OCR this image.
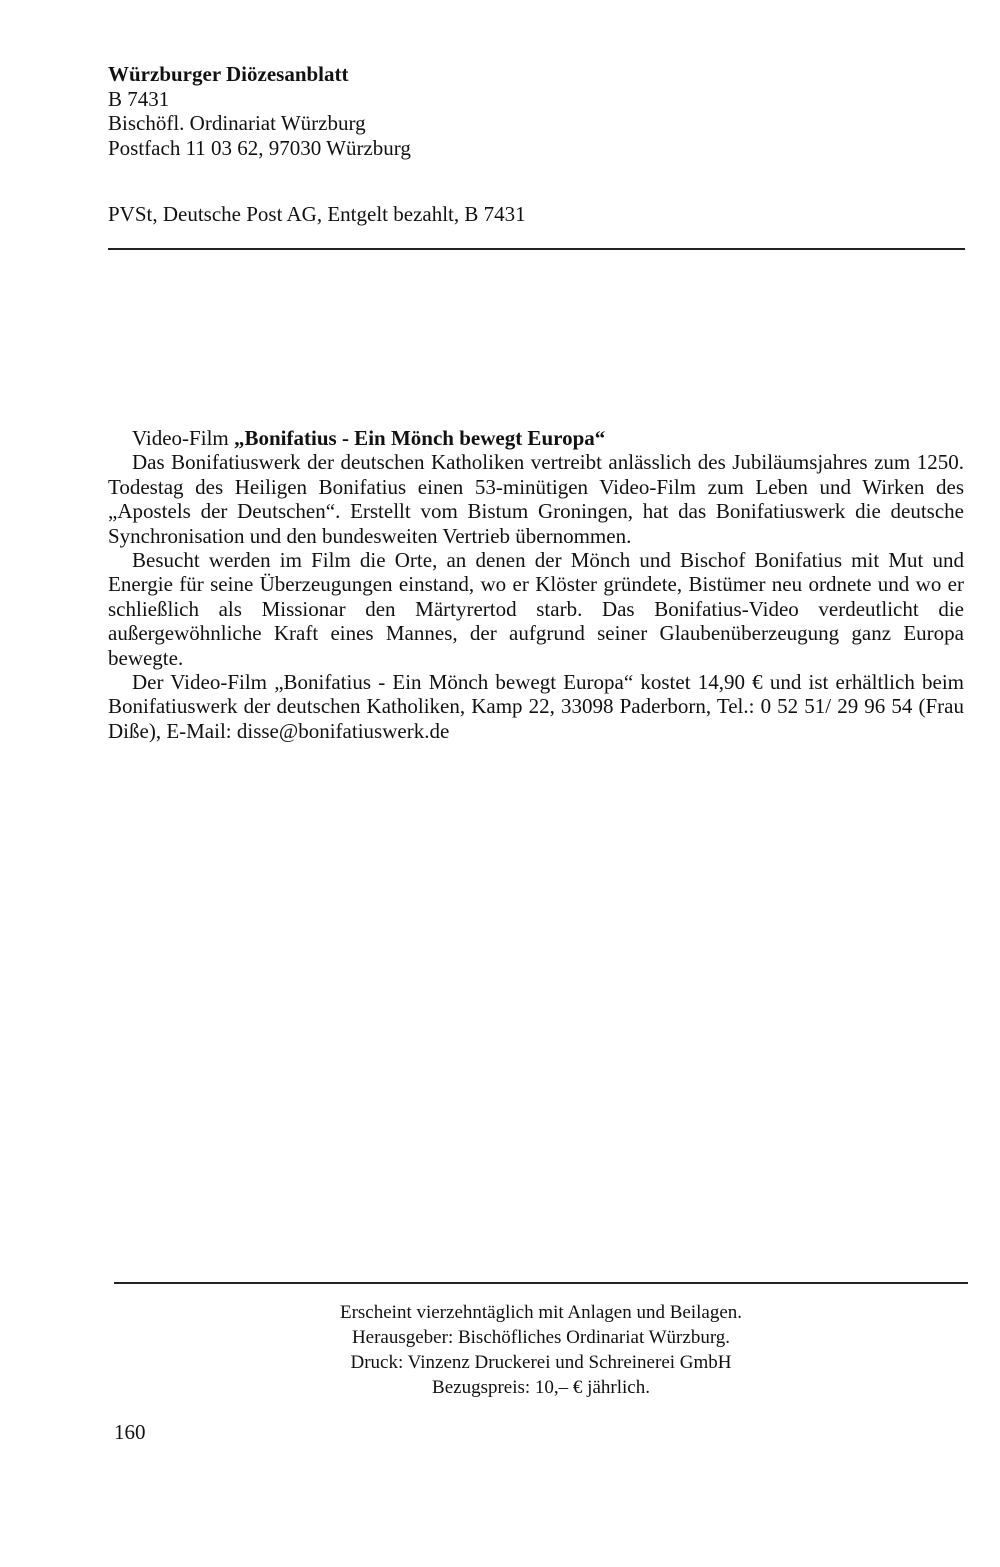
Würzburger Diözesanblatt
B 7431
Bischöfl. Ordinariat Würzburg
Postfach 11 03 62, 97030 Würzburg
PVSt, Deutsche Post AG, Entgelt bezahlt, B 7431

Video-Film „Bonifatius - Ein Mönch bewegt Europa“

Das Bonifatiuswerk der deutschen Katholiken vertreibt anlässlich des Jubiläumsjahres zum 1250. Todestag des Heiligen Bonifatius einen 53-minütigen Video-Film zum Leben und Wirken des „Apostels der Deutschen“. Erstellt vom Bistum Groningen, hat das Bonifatiuswerk die deutsche Synchronisation und den bundesweiten Vertrieb übernommen.

Besucht werden im Film die Orte, an denen der Mönch und Bischof Bonifatius mit Mut und Energie für seine Überzeugungen einstand, wo er Klöster gründete, Bistümer neu ordnete und wo er schließlich als Missionar den Märtyrertod starb. Das Bonifatius-Video verdeutlicht die außergewöhnliche Kraft eines Mannes, der aufgrund seiner Glaubenüberzeugung ganz Europa bewegte.

Der Video-Film „Bonifatius - Ein Mönch bewegt Europa“ kostet 14,90 € und ist erhältlich beim Bonifatiuswerk der deutschen Katholiken, Kamp 22, 33098 Paderborn, Tel.: 0 52 51/ 29 96 54 (Frau Diße), E-Mail: disse@bonifatiuswerk.de

Erscheint vierzehntäglich mit Anlagen und Beilagen.
Herausgeber: Bischöfliches Ordinariat Würzburg.
Druck: Vinzenz Druckerei und Schreinerei GmbH
Bezugspreis: 10,– € jährlich.
160
